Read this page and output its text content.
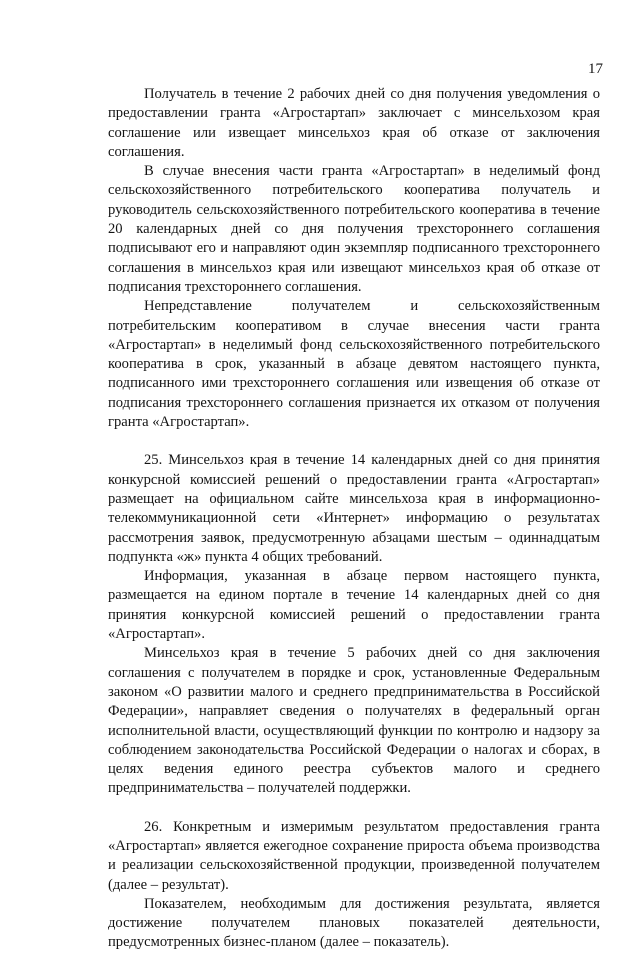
17

Получатель в течение 2 рабочих дней со дня получения уведомления о предоставлении гранта «Агростартап» заключает с минсельхозом края соглашение или извещает минсельхоз края об отказе от заключения соглашения.

В случае внесения части гранта «Агростартап» в неделимый фонд сельскохозяйственного потребительского кооператива получатель и руководитель сельскохозяйственного потребительского кооператива в течение 20 календарных дней со дня получения трехстороннего соглашения подписывают его и направляют один экземпляр подписанного трехстороннего соглашения в минсельхоз края или извещают минсельхоз края об отказе от подписания трехстороннего соглашения.

Непредставление получателем и сельскохозяйственным потребительским кооперативом в случае внесения части гранта «Агростартап» в неделимый фонд сельскохозяйственного потребительского кооператива в срок, указанный в абзаце девятом настоящего пункта, подписанного ими трехстороннего соглашения или извещения об отказе от подписания трехстороннего соглашения признается их отказом от получения гранта «Агростартап».

25. Минсельхоз края в течение 14 календарных дней со дня принятия конкурсной комиссией решений о предоставлении гранта «Агростартап» размещает на официальном сайте минсельхоза края в информационно-телекоммуникационной сети «Интернет» информацию о результатах рассмотрения заявок, предусмотренную абзацами шестым – одиннадцатым подпункта «ж» пункта 4 общих требований.

Информация, указанная в абзаце первом настоящего пункта, размещается на едином портале в течение 14 календарных дней со дня принятия конкурсной комиссией решений о предоставлении гранта «Агростартап».

Минсельхоз края в течение 5 рабочих дней со дня заключения соглашения с получателем в порядке и срок, установленные Федеральным законом «О развитии малого и среднего предпринимательства в Российской Федерации», направляет сведения о получателях в федеральный орган исполнительной власти, осуществляющий функции по контролю и надзору за соблюдением законодательства Российской Федерации о налогах и сборах, в целях ведения единого реестра субъектов малого и среднего предпринимательства – получателей поддержки.

26. Конкретным и измеримым результатом предоставления гранта «Агростартап» является ежегодное сохранение прироста объема производства и реализации сельскохозяйственной продукции, произведенной получателем (далее – результат).

Показателем, необходимым для достижения результата, является достижение получателем плановых показателей деятельности, предусмотренных бизнес-планом (далее – показатель).
